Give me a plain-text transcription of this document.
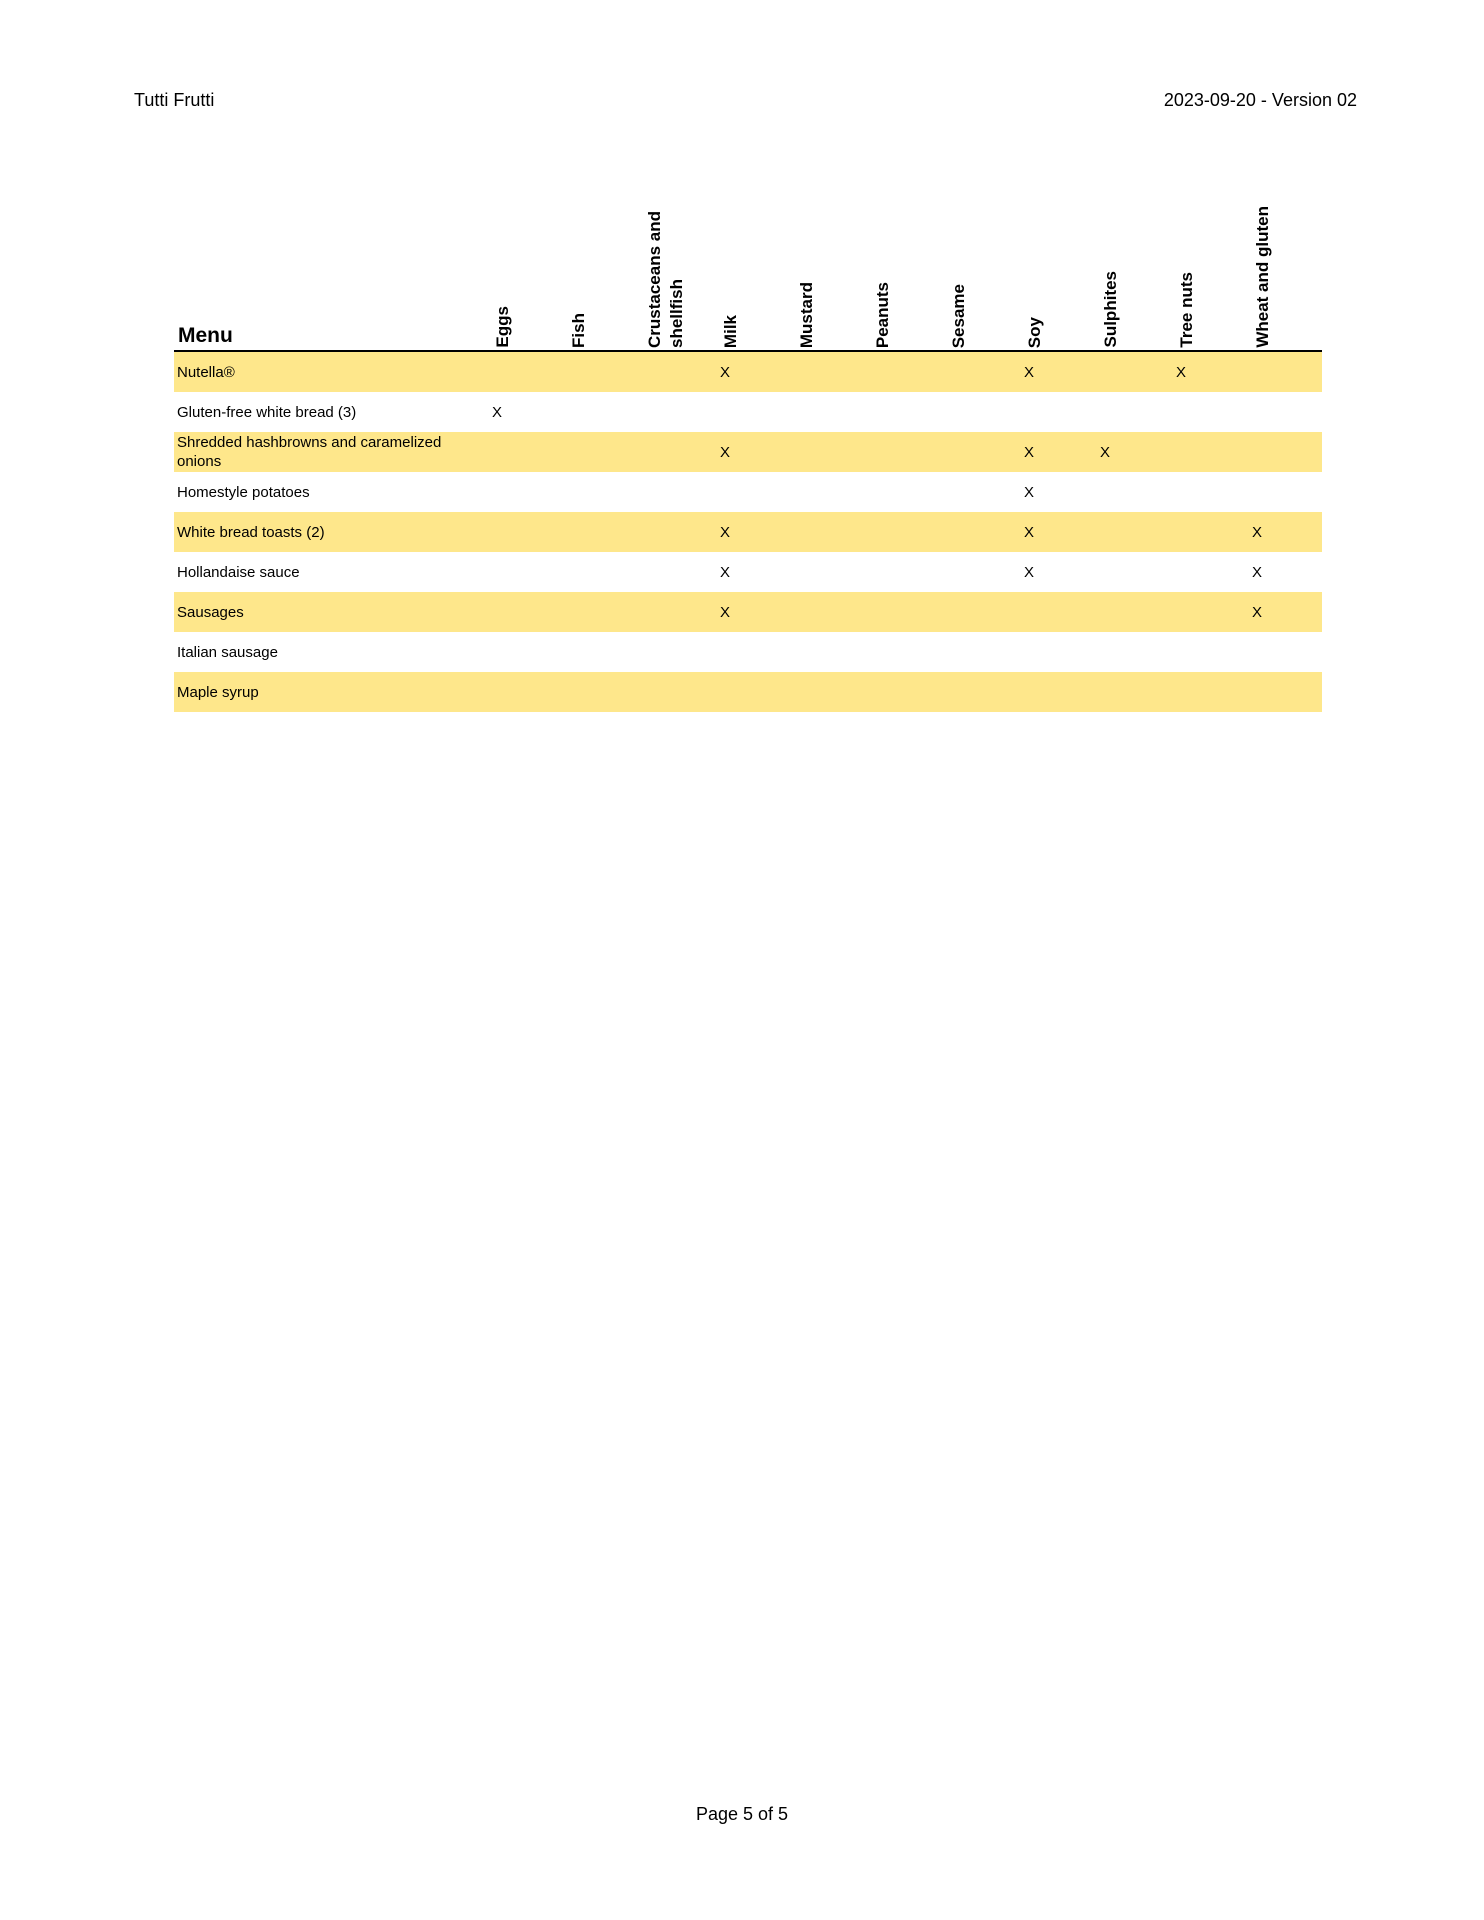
Tutti Frutti	2023-09-20 - Version 02
Menu	Eggs	Fish	Crustaceans and shellfish	Milk	Mustard	Peanuts	Sesame	Soy	Sulphites	Tree nuts	Wheat and gluten

Nutella®				X				X		X	
Gluten-free white bread (3)	X										
Shredded hashbrowns and caramelized onions				X				X	X		
Homestyle potatoes								X			
White bread toasts (2)				X				X			X
Hollandaise sauce				X				X			X
Sausages				X							X
Italian sausage											
Maple syrup											
Page 5 of 5
